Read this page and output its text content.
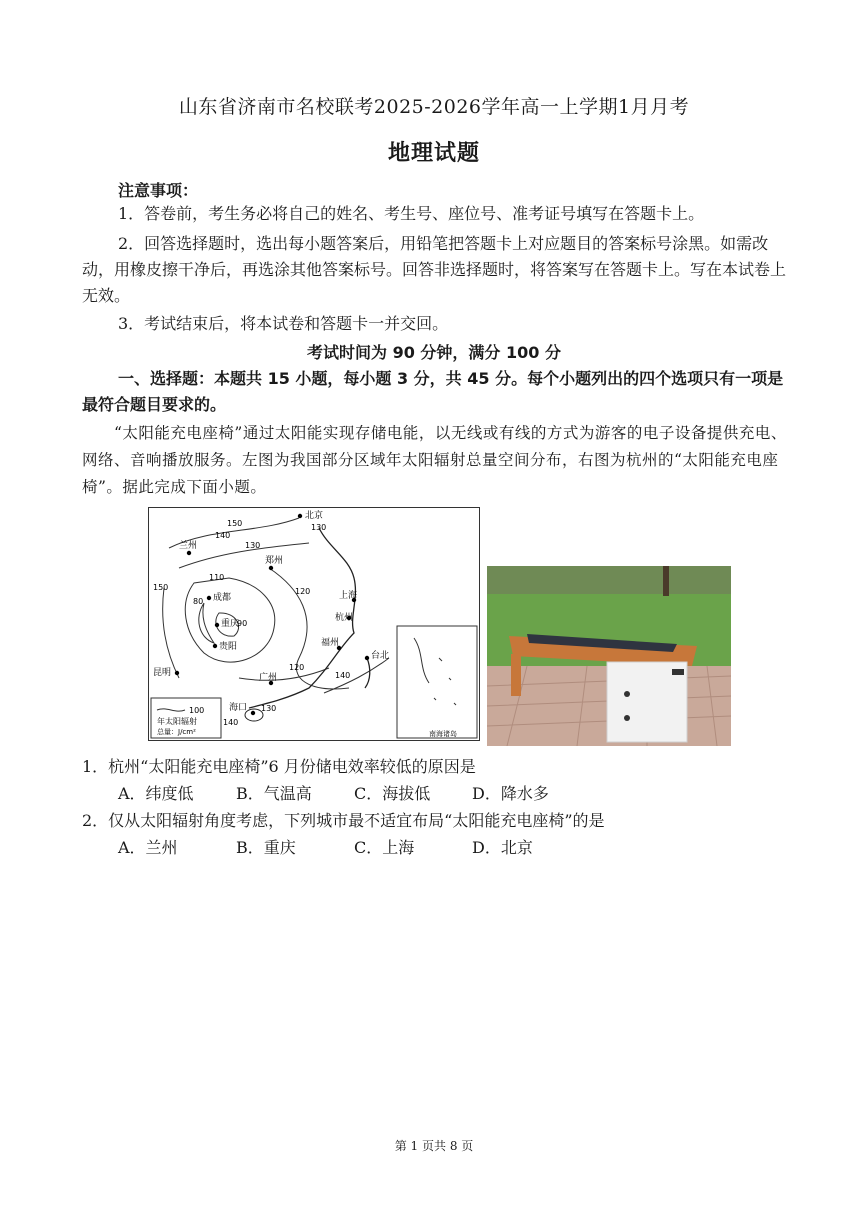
山东省济南市名校联考2025-2026学年高一上学期1月月考
地理试题
注意事项：
1．答卷前，考生务必将自己的姓名、考生号、座位号、准考证号填写在答题卡上。
2．回答选择题时，选出每小题答案后，用铅笔把答题卡上对应题目的答案标号涂黑。如需改动，用橡皮擦干净后，再选涂其他答案标号。回答非选择题时，将答案写在答题卡上。写在本试卷上无效。
3．考试结束后，将本试卷和答题卡一并交回。
考试时间为 90 分钟，满分 100 分
一、选择题：本题共 15 小题，每小题 3 分，共 45 分。每个小题列出的四个选项只有一项是最符合题目要求的。
“太阳能充电座椅”通过太阳能实现存储电能，以无线或有线的方式为游客的电子设备提供充电、网络、音响播放服务。左图为我国部分区域年太阳辐射总量空间分布，右图为杭州的“太阳能充电座椅”。据此完成下面小题。
北京
兰州
郑州
成都
重庆
贵阳
上海
杭州
福州
台北
广州
海口
昆明
150	130
140
130
110
150	120
80
90
120
140
130
140
100
年太阳辐射
总量：J/cm²	南海诸岛
1．杭州“太阳能充电座椅”6 月份储电效率较低的原因是
A．纬度低	B．气温高	C．海拔低	D．降水多
2．仅从太阳辐射角度考虑，下列城市最不适宜布局“太阳能充电座椅”的是
A．兰州	B．重庆	C．上海	D．北京
第 1 页共 8 页
